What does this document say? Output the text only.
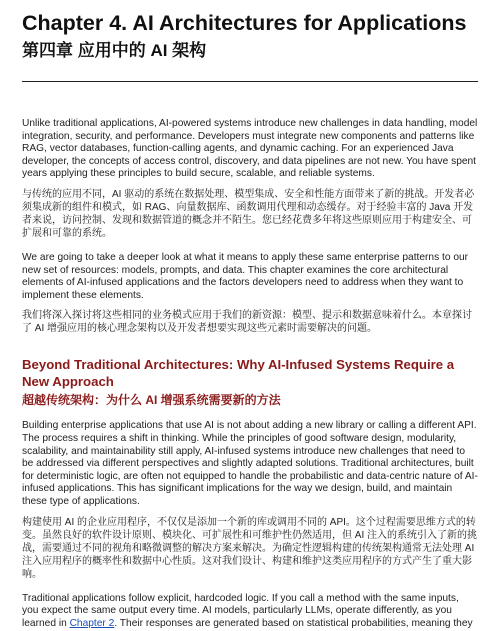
Chapter 4. AI Architectures for Applications
第四章 应用中的 AI 架构

Unlike traditional applications, AI-powered systems introduce new challenges in data handling, model integration, security, and performance. Developers must integrate new components and patterns like RAG, vector databases, function-calling agents, and dynamic caching. For an experienced Java developer, the concepts of access control, discovery, and data pipelines are not new. You have spent years applying these principles to build secure, scalable, and reliable systems.

与传统的应用不同，AI 驱动的系统在数据处理、模型集成、安全和性能方面带来了新的挑战。开发者必须集成新的组件和模式，如 RAG、向量数据库、函数调用代理和动态缓存。对于经验丰富的 Java 开发者来说，访问控制、发现和数据管道的概念并不陌生。您已经花费多年将这些原则应用于构建安全、可扩展和可靠的系统。

We are going to take a deeper look at what it means to apply these same enterprise patterns to our new set of resources: models, prompts, and data. This chapter examines the core architectural elements of AI-infused applications and the factors developers need to address when they want to implement these elements.

我们将深入探讨将这些相同的业务模式应用于我们的新资源：模型、提示和数据意味着什么。本章探讨了 AI 增强应用的核心理念架构以及开发者想要实现这些元素时需要解决的问题。

Beyond Traditional Architectures: Why AI-Infused Systems Require a New Approach
超越传统架构：为什么 AI 增强系统需要新的方法

Building enterprise applications that use AI is not about adding a new library or calling a different API. The process requires a shift in thinking. While the principles of good software design, modularity, scalability, and maintainability still apply, AI-infused systems introduce new challenges that need to be addressed via different perspectives and slightly adapted solutions. Traditional architectures, built for deterministic logic, are often not equipped to handle the probabilistic and data-centric nature of AI-infused applications. This has significant implications for the way we design, build, and maintain these type of applications.

构建使用 AI 的企业应用程序，不仅仅是添加一个新的库或调用不同的 API。这个过程需要思维方式的转变。虽然良好的软件设计原则、模块化、可扩展性和可维护性仍然适用，但 AI 注入的系统引入了新的挑战，需要通过不同的视角和略微调整的解决方案来解决。为确定性逻辑构建的传统架构通常无法处理 AI 注入应用程序的概率性和数据中心性质。这对我们设计、构建和维护这类应用程序的方式产生了重大影响。

Traditional applications follow explicit, hardcoded logic. If you call a method with the same inputs, you expect the same output every time. AI models, particularly LLMs, operate differently, as you learned in Chapter 2. Their responses are generated based on statistical probabilities, meaning they
